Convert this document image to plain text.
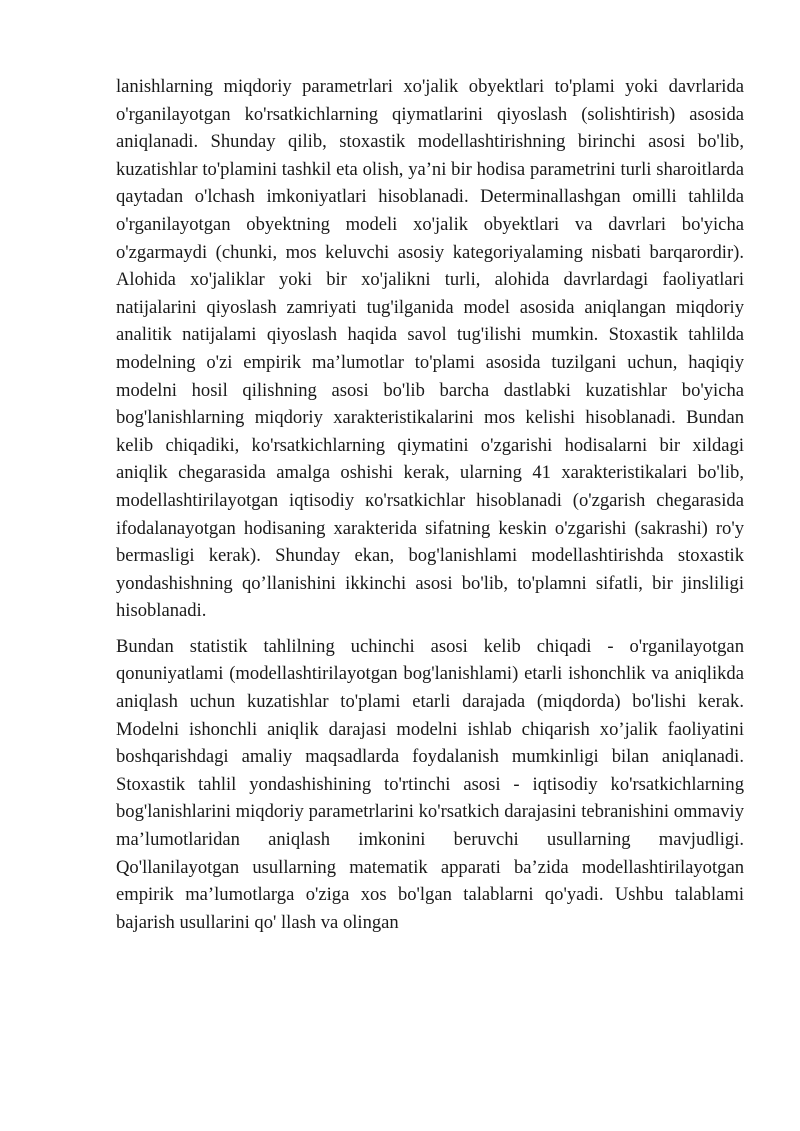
lanishlarning miqdoriy parametrlari xo'jalik obyektlari to'plami yoki davrlarida o'rganilayotgan ko'rsatkichlarning qiymatlarini qiyoslash (solishtirish) asosida aniqlanadi. Shunday qilib, stoxastik modellashtirishning birinchi asosi bo'lib, kuzatishlar to'plamini tashkil eta olish, ya’ni bir hodisa parametrini turli sharoitlarda qaytadan o'lchash imkoniyatlari hisoblanadi. Determinallashgan omilli tahlilda o'rganilayotgan obyektning modeli xo'jalik obyektlari va davrlari bo'yicha o'zgarmaydi (chunki, mos keluvchi asosiy kategoriyalaming nisbati barqarordir). Alohida xo'jaliklar yoki bir xo'jalikni turli, alohida davrlardagi faoliyatlari natijalarini qiyoslash zamriyati tug'ilganida model asosida aniqlangan miqdoriy analitik natijalami qiyoslash haqida savol tug'ilishi mumkin. Stoxastik tahlilda modelning o'zi empirik ma’lumotlar to'plami asosida tuzilgani uchun, haqiqiy modelni hosil qilishning asosi bo'lib barcha dastlabki kuzatishlar bo'yicha bog'lanishlarning miqdoriy xarakteristikalarini mos kelishi hisoblanadi. Bundan kelib chiqadiki, ko'rsatkichlarning qiymatini o'zgarishi hodisalarni bir xildagi aniqlik chegarasida amalga oshishi kerak, ularning 41 xarakteristikalari bo'lib, modellashtirilayotgan iqtisodiy кo'rsatkichlar hisoblanadi (o'zgarish chegarasida ifodalanayotgan hodisaning xarakterida sifatning keskin o'zgarishi (sakrashi) ro'y bermasligi kerak). Shunday ekan, bog'lanishlami modellashtirishda stoxastik yondashishning qo’llanishini ikkinchi asosi bo'lib, to'plamni sifatli, bir jinsliligi hisoblanadi.

Bundan statistik tahlilning uchinchi asosi kelib chiqadi - o'rganilayotgan qonuniyatlami (modellashtirilayotgan bog'lanishlami) etarli ishonchlik va aniqlikda aniqlash uchun kuzatishlar to'plami etarli darajada (miqdorda) bo'lishi kerak. Modelni ishonchli aniqlik darajasi modelni ishlab chiqarish xo’jalik faoliyatini boshqarishdagi amaliy maqsadlarda foydalanish mumkinligi bilan aniqlanadi. Stoxastik tahlil yondashishining to'rtinchi asosi - iqtisodiy ko'rsatkichlarning bog'lanishlarini miqdoriy parametrlarini ko'rsatkich darajasini tebranishini ommaviy ma’lumotlaridan aniqlash imkonini beruvchi usullarning mavjudligi. Qo'llanilayotgan usullarning matematik apparati ba’zida modellashtirilayotgan empirik ma’lumotlarga o'ziga xos bo'lgan talablarni qo'yadi. Ushbu talablami bajarish usullarini qo' llash va olingan
